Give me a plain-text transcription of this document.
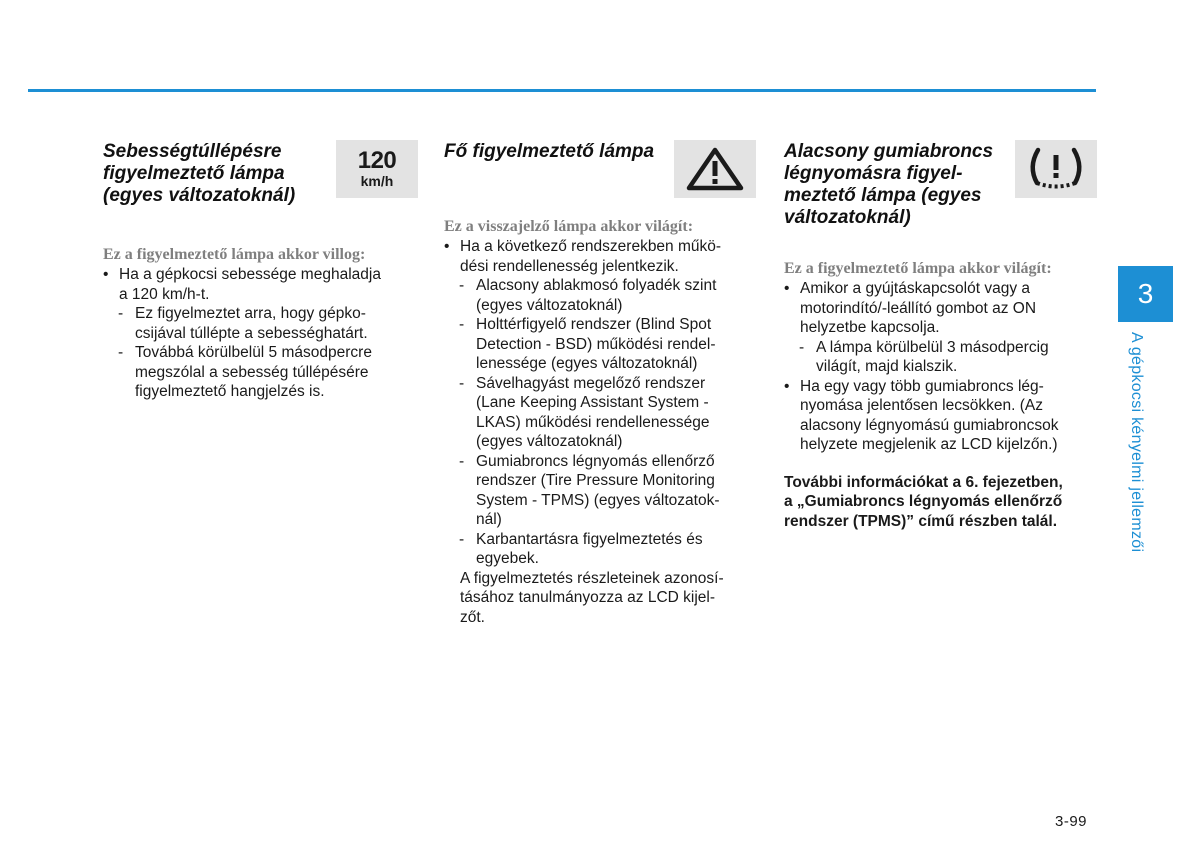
Sebességtúllépésre
figyelmeztető lámpa
(egyes változatoknál)
120
km/h

Ez a figyelmeztető lámpa akkor villog:

• Ha a gépkocsi sebessége meghaladja
a 120 km/h-t.
- Ez figyelmeztet arra, hogy gépko-
csijával túllépte a sebességhatárt.
- Továbbá körülbelül 5 másodpercre
megszólal a sebesség túllépésére
figyelmeztető hangjelzés is.
Fő figyelmeztető lámpa

Ez a visszajelző lámpa akkor világít:

• Ha a következő rendszerekben műkö-
dési rendellenesség jelentkezik.
- Alacsony ablakmosó folyadék szint
(egyes változatoknál)
- Holttérfigyelő rendszer (Blind Spot
Detection - BSD) működési rendel-
lenessége (egyes változatoknál)
- Sávelhagyást megelőző rendszer
(Lane Keeping Assistant System -
LKAS) működési rendellenessége
(egyes változatoknál)
- Gumiabroncs légnyomás ellenőrző
rendszer (Tire Pressure Monitoring
System - TPMS) (egyes változatok-
nál)
- Karbantartásra figyelmeztetés és
egyebek.
A figyelmeztetés részleteinek azonosí-
tásához tanulmányozza az LCD kijel-
zőt.
Alacsony gumiabroncs
légnyomásra figyel-
meztető lámpa (egyes
változatoknál)

Ez a figyelmeztető lámpa akkor világít:

• Amikor a gyújtáskapcsolót vagy a
motorindító/-leállító gombot az ON
helyzetbe kapcsolja.
- A lámpa körülbelül 3 másodpercig
világít, majd kialszik.
• Ha egy vagy több gumiabroncs lég-
nyomása jelentősen lecsökken. (Az
alacsony légnyomású gumiabroncsok
helyzete megjelenik az LCD kijelzőn.)

További információkat a 6. fejezetben,
a „Gumiabroncs légnyomás ellenőrző
rendszer (TPMS)” című részben talál.

3
A gépkocsi kényelmi jellemzői
3-99
